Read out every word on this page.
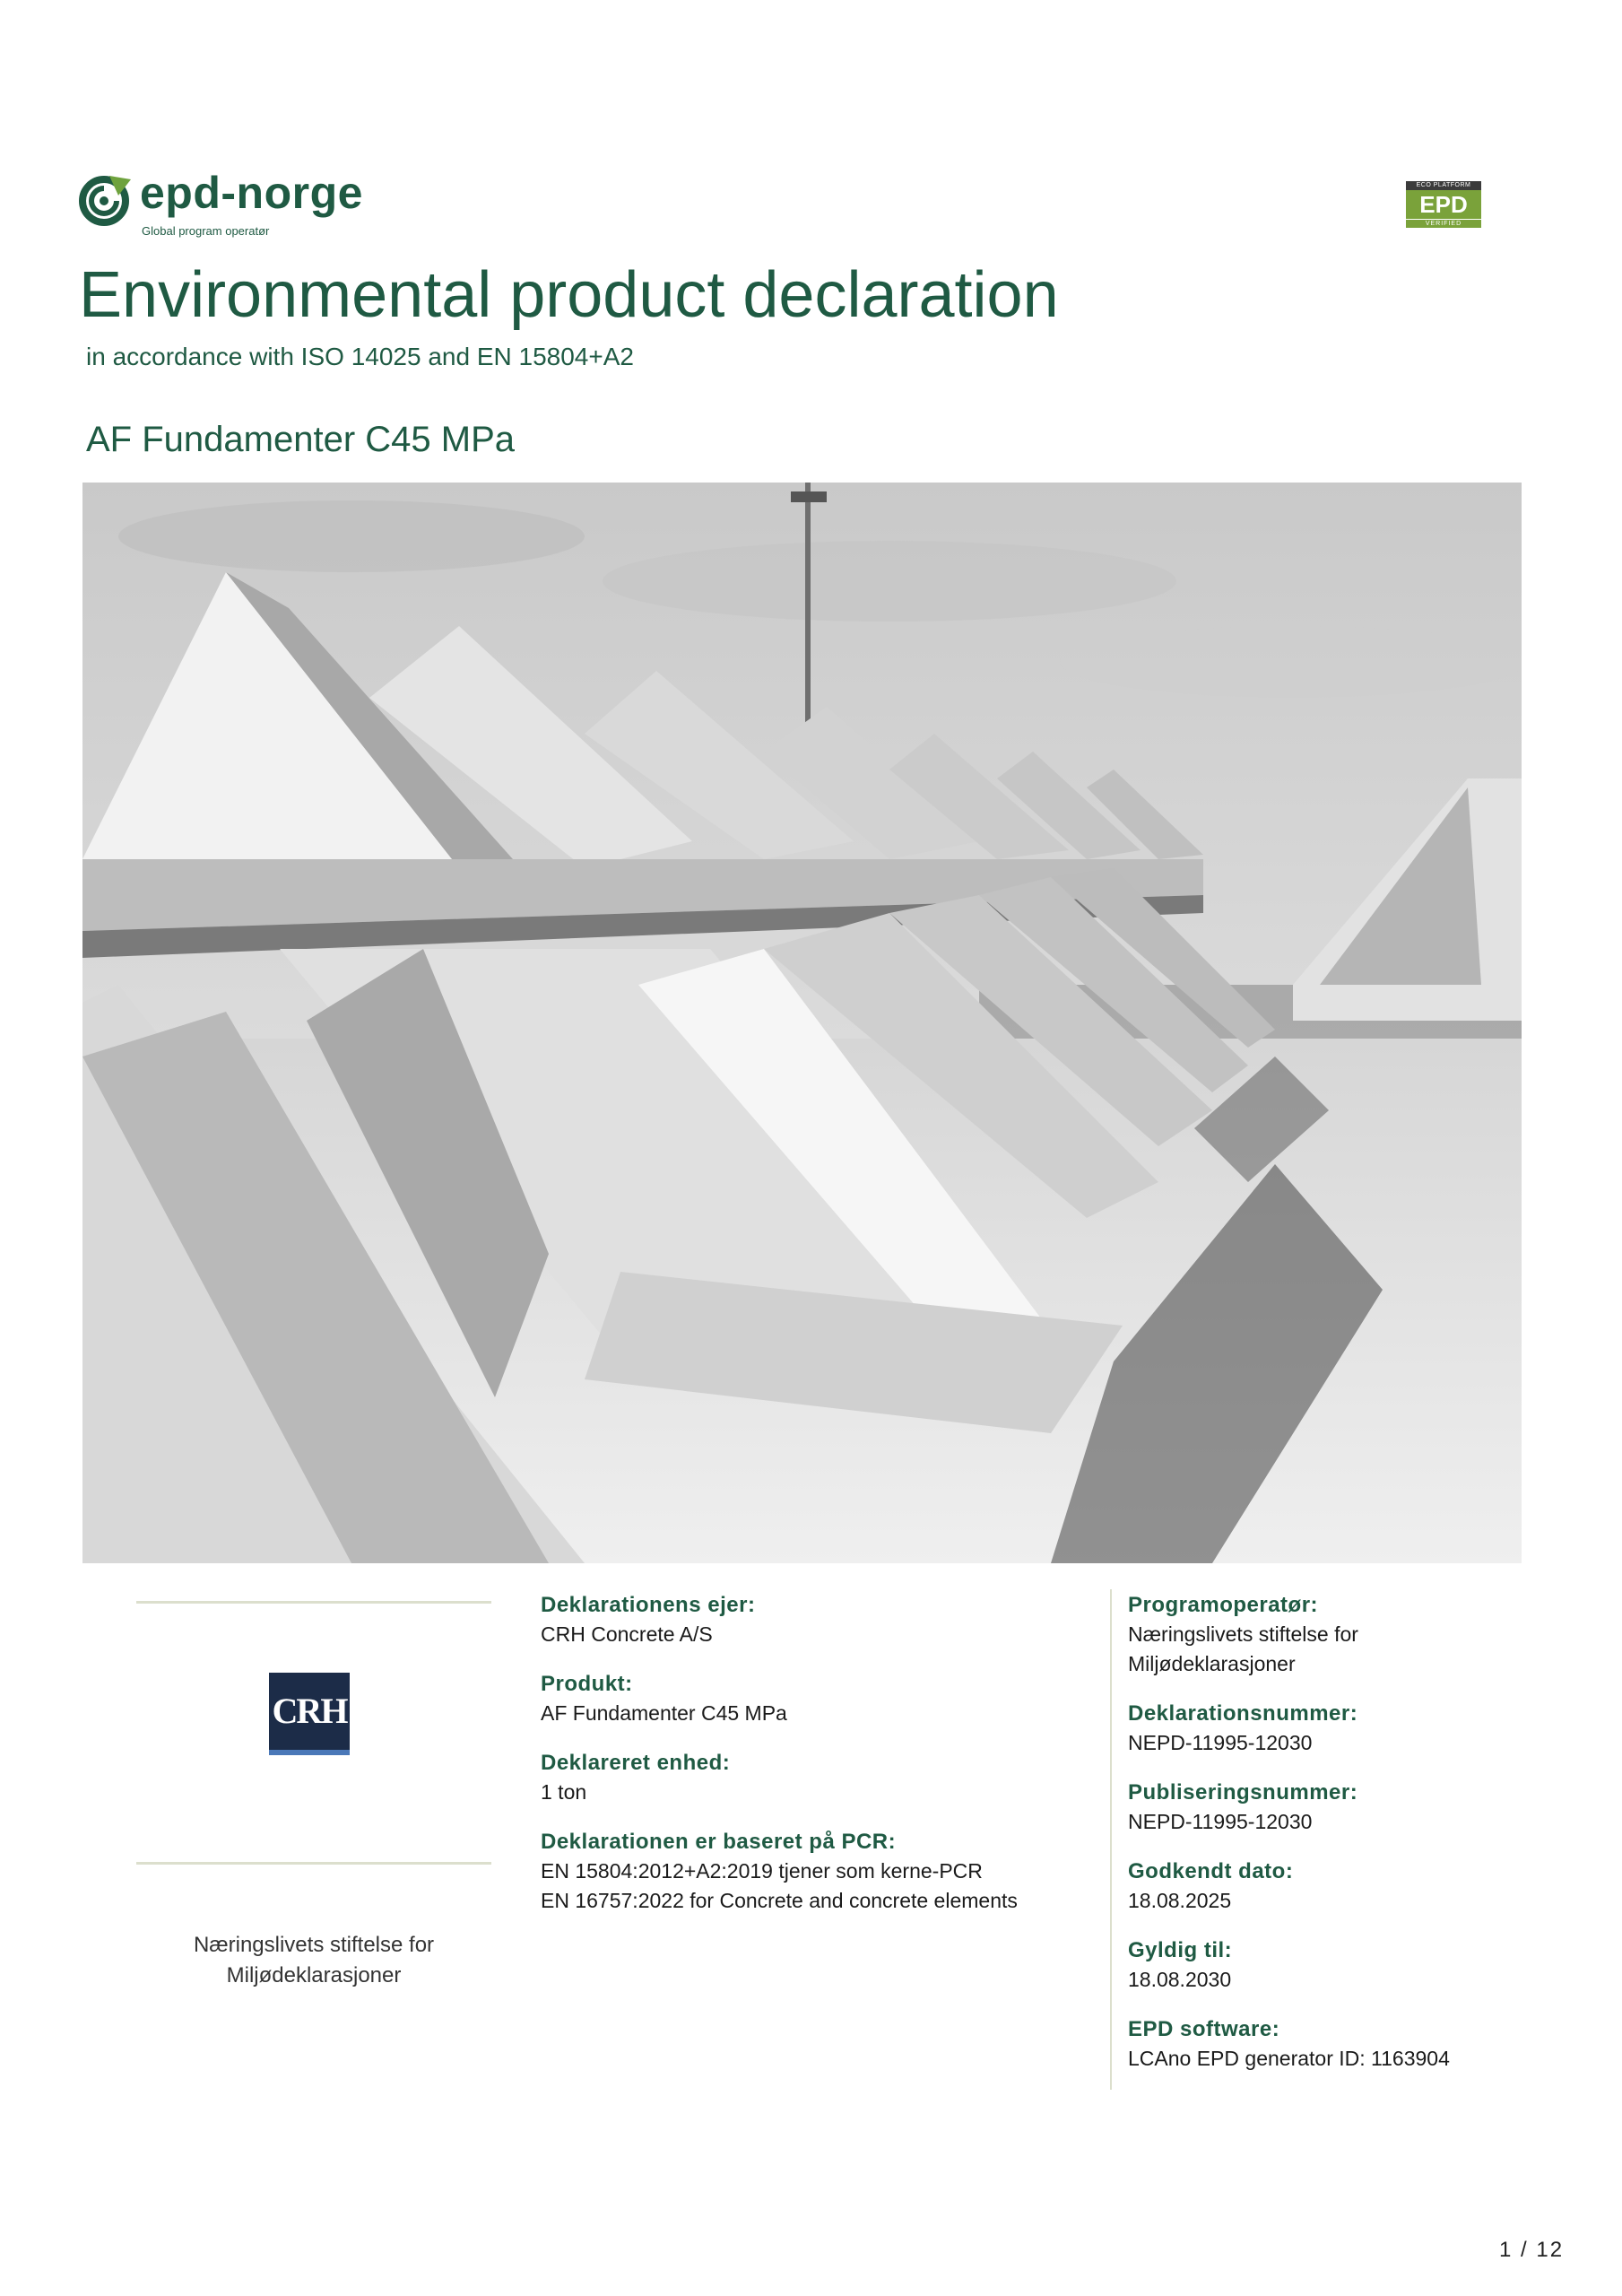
epd-norge
Global program operatør
ECO PLATFORM
EPD
VERIFIED
Environmental product declaration
in accordance with ISO 14025 and EN 15804+A2
AF Fundamenter C45 MPa
CRH
Næringslivets stiftelse for
Miljødeklarasjoner
Deklarationens ejer:
CRH Concrete A/S
Produkt:
AF Fundamenter C45 MPa
Deklareret enhed:
1 ton
Deklarationen er baseret på PCR:
EN 15804:2012+A2:2019 tjener som kerne-PCR
EN 16757:2022 for Concrete and concrete elements
Programoperatør:
Næringslivets stiftelse for
Miljødeklarasjoner
Deklarationsnummer:
NEPD-11995-12030
Publiseringsnummer:
NEPD-11995-12030
Godkendt dato:
18.08.2025
Gyldig til:
18.08.2030
EPD software:
LCAno EPD generator ID: 1163904
1 / 12
